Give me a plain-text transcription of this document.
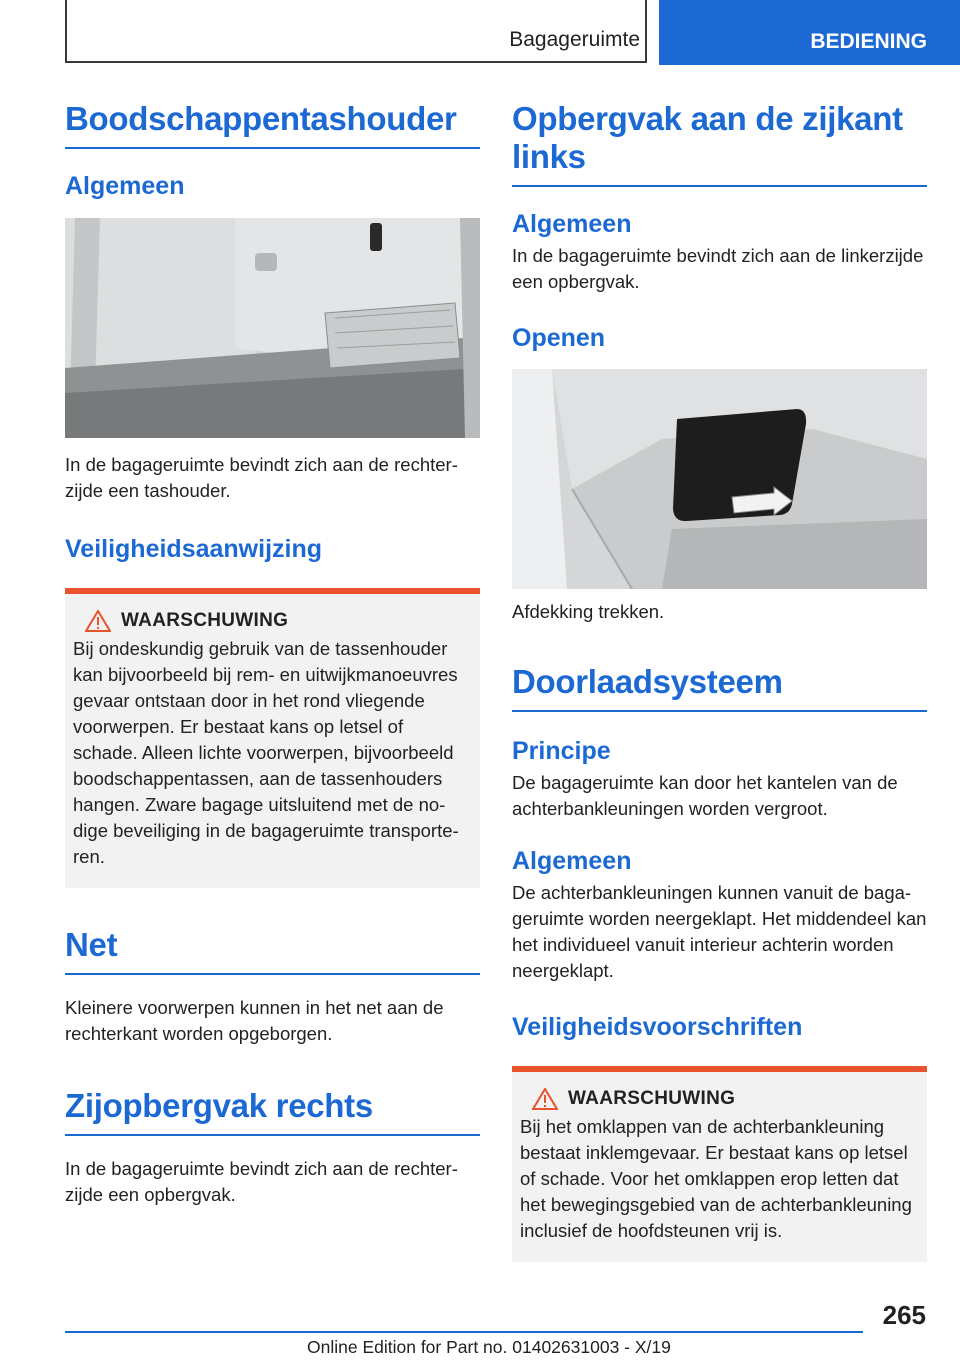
Bagageruimte	BEDIENING
Boodschappentashouder
Algemeen

In de bagageruimte bevindt zich aan de rechterzijde een tashouder.

Veiligheidsaanwijzing
WAARSCHUWING

Bij ondeskundig gebruik van de tassenhouder kan bijvoorbeeld bij rem- en uitwijkmanoeuvres gevaar ontstaan door in het rond vliegende voorwerpen. Er bestaat kans op letsel of schade. Alleen lichte voorwerpen, bijvoorbeeld boodschappentassen, aan de tassenhouders hangen. Zware bagage uitsluitend met de nodige beveiliging in de bagageruimte transporteren.

Net

Kleinere voorwerpen kunnen in het net aan de rechterkant worden opgeborgen.

Zijopbergvak rechts

In de bagageruimte bevindt zich aan de rechterzijde een opbergvak.

Opbergvak aan de zijkant links
Algemeen

In de bagageruimte bevindt zich aan de linkerzijde een opbergvak.

Openen

Afdekking trekken.

Doorlaadsysteem
Principe

De bagageruimte kan door het kantelen van de achterbankleuningen worden vergroot.

Algemeen

De achterbankleuningen kunnen vanuit de bagageruimte worden neergeklapt. Het middendeel kan het individueel vanuit interieur achterin worden neergeklapt.

Veiligheidsvoorschriften
WAARSCHUWING

Bij het omklappen van de achterbankleuning bestaat inklemgevaar. Er bestaat kans op letsel of schade. Voor het omklappen erop letten dat het bewegingsgebied van de achterbankleuning inclusief de hoofdsteunen vrij is.

265
Online Edition for Part no. 01402631003 - X/19
